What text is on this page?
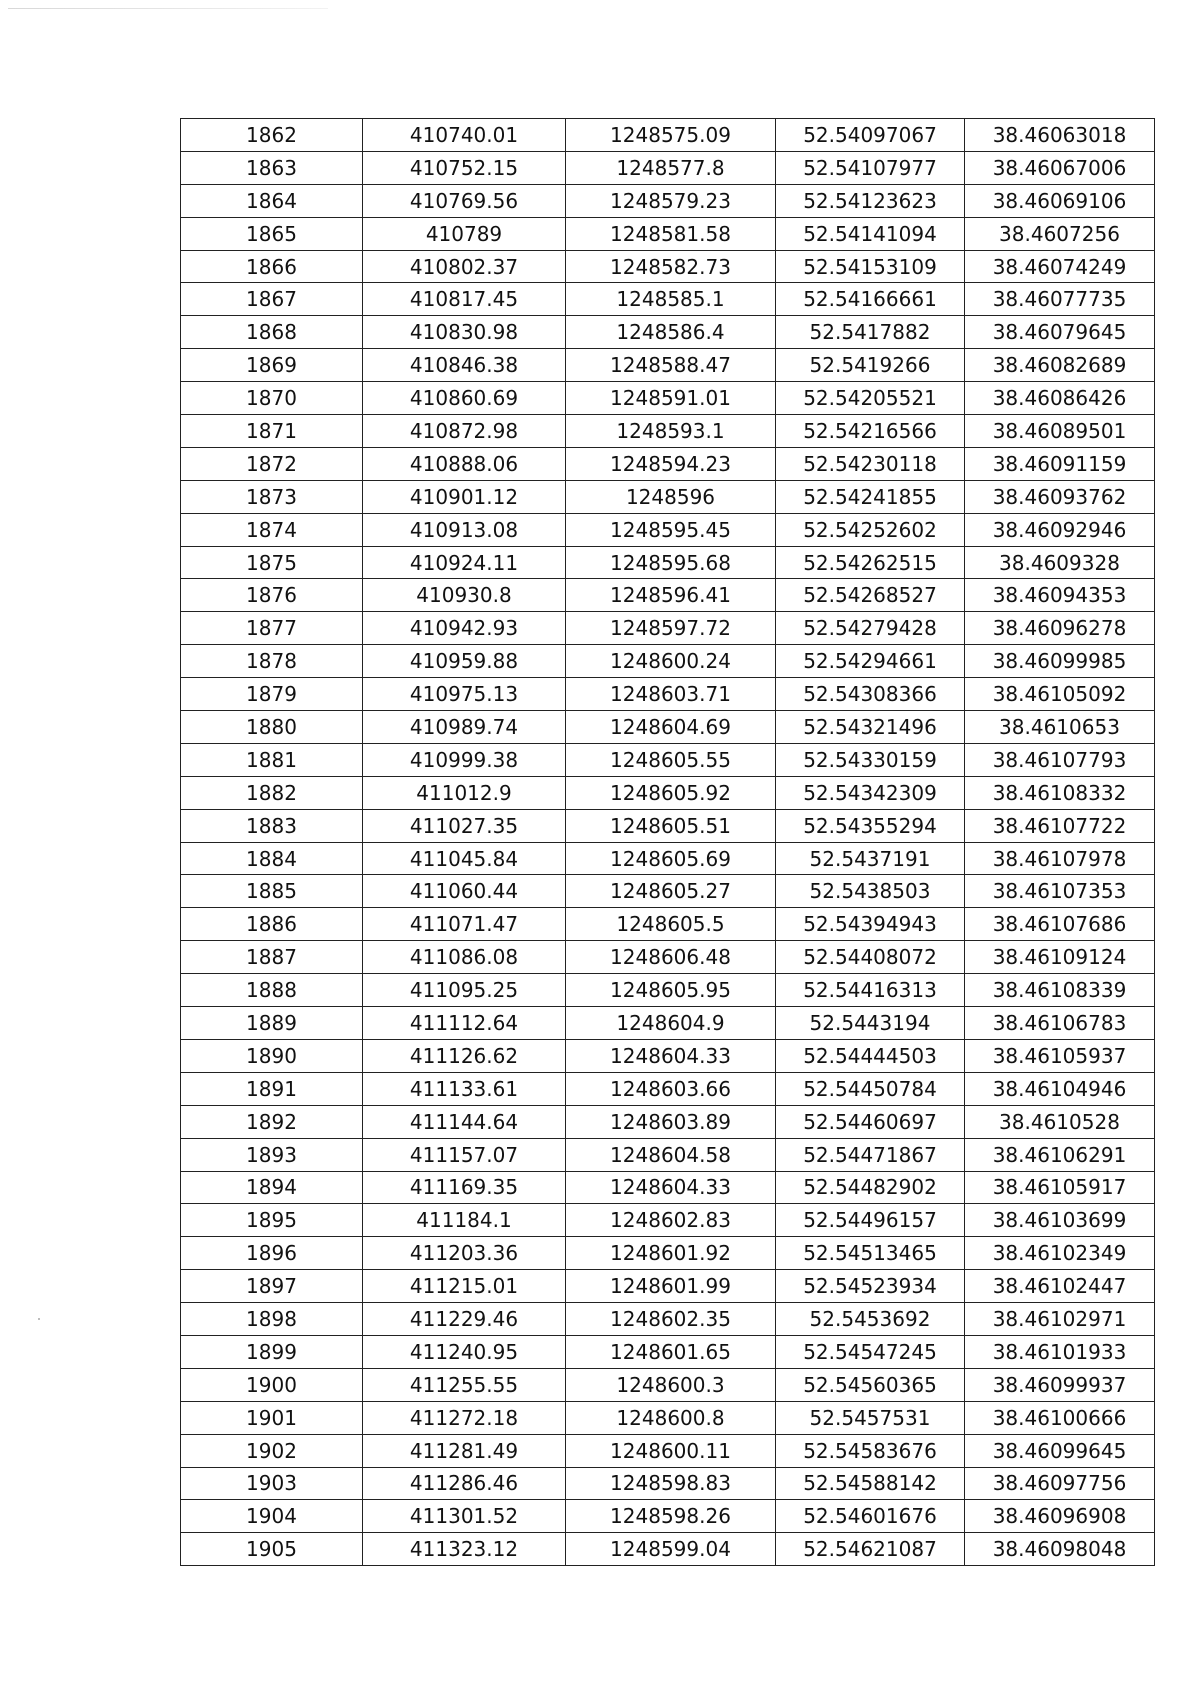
1862	410740.01	1248575.09	52.54097067	38.46063018
1863	410752.15	1248577.8	52.54107977	38.46067006
1864	410769.56	1248579.23	52.54123623	38.46069106
1865	410789	1248581.58	52.54141094	38.4607256
1866	410802.37	1248582.73	52.54153109	38.46074249
1867	410817.45	1248585.1	52.54166661	38.46077735
1868	410830.98	1248586.4	52.5417882	38.46079645
1869	410846.38	1248588.47	52.5419266	38.46082689
1870	410860.69	1248591.01	52.54205521	38.46086426
1871	410872.98	1248593.1	52.54216566	38.46089501
1872	410888.06	1248594.23	52.54230118	38.46091159
1873	410901.12	1248596	52.54241855	38.46093762
1874	410913.08	1248595.45	52.54252602	38.46092946
1875	410924.11	1248595.68	52.54262515	38.4609328
1876	410930.8	1248596.41	52.54268527	38.46094353
1877	410942.93	1248597.72	52.54279428	38.46096278
1878	410959.88	1248600.24	52.54294661	38.46099985
1879	410975.13	1248603.71	52.54308366	38.46105092
1880	410989.74	1248604.69	52.54321496	38.4610653
1881	410999.38	1248605.55	52.54330159	38.46107793
1882	411012.9	1248605.92	52.54342309	38.46108332
1883	411027.35	1248605.51	52.54355294	38.46107722
1884	411045.84	1248605.69	52.5437191	38.46107978
1885	411060.44	1248605.27	52.5438503	38.46107353
1886	411071.47	1248605.5	52.54394943	38.46107686
1887	411086.08	1248606.48	52.54408072	38.46109124
1888	411095.25	1248605.95	52.54416313	38.46108339
1889	411112.64	1248604.9	52.5443194	38.46106783
1890	411126.62	1248604.33	52.54444503	38.46105937
1891	411133.61	1248603.66	52.54450784	38.46104946
1892	411144.64	1248603.89	52.54460697	38.4610528
1893	411157.07	1248604.58	52.54471867	38.46106291
1894	411169.35	1248604.33	52.54482902	38.46105917
1895	411184.1	1248602.83	52.54496157	38.46103699
1896	411203.36	1248601.92	52.54513465	38.46102349
1897	411215.01	1248601.99	52.54523934	38.46102447
1898	411229.46	1248602.35	52.5453692	38.46102971
1899	411240.95	1248601.65	52.54547245	38.46101933
1900	411255.55	1248600.3	52.54560365	38.46099937
1901	411272.18	1248600.8	52.5457531	38.46100666
1902	411281.49	1248600.11	52.54583676	38.46099645
1903	411286.46	1248598.83	52.54588142	38.46097756
1904	411301.52	1248598.26	52.54601676	38.46096908
1905	411323.12	1248599.04	52.54621087	38.46098048
